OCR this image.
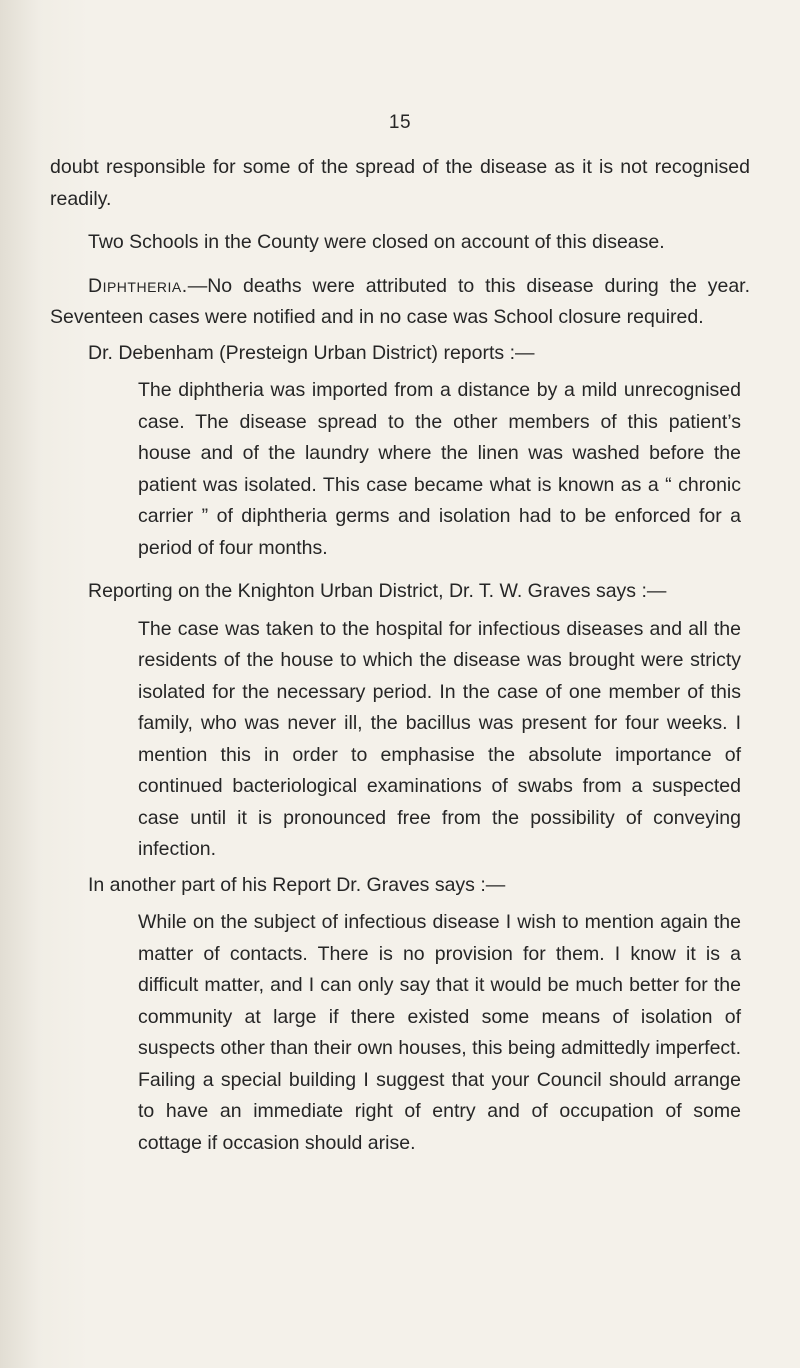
15

doubt responsible for some of the spread of the disease as it is not recognised readily.

Two Schools in the County were closed on account of this disease.

Diphtheria.—No deaths were attributed to this disease during the year. Seventeen cases were notified and in no case was School closure required.

Dr. Debenham (Presteign Urban District) reports :—

The diphtheria was imported from a distance by a mild unrecognised case. The disease spread to the other members of this patient’s house and of the laundry where the linen was washed before the patient was isolated. This case became what is known as a “ chronic carrier ” of diphtheria germs and isolation had to be enforced for a period of four months.

Reporting on the Knighton Urban District, Dr. T. W. Graves says :—

The case was taken to the hospital for infectious diseases and all the residents of the house to which the disease was brought were stricty isolated for the necessary period. In the case of one member of this family, who was never ill, the bacillus was present for four weeks. I mention this in order to emphasise the absolute importance of continued bacteriological examinations of swabs from a suspected case until it is pronounced free from the possibility of conveying infection.

In another part of his Report Dr. Graves says :—

While on the subject of infectious disease I wish to mention again the matter of contacts. There is no provision for them. I know it is a difficult matter, and I can only say that it would be much better for the community at large if there existed some means of isolation of suspects other than their own houses, this being admittedly imperfect. Failing a special building I suggest that your Council should arrange to have an immediate right of entry and of occupation of some cottage if occasion should arise.
